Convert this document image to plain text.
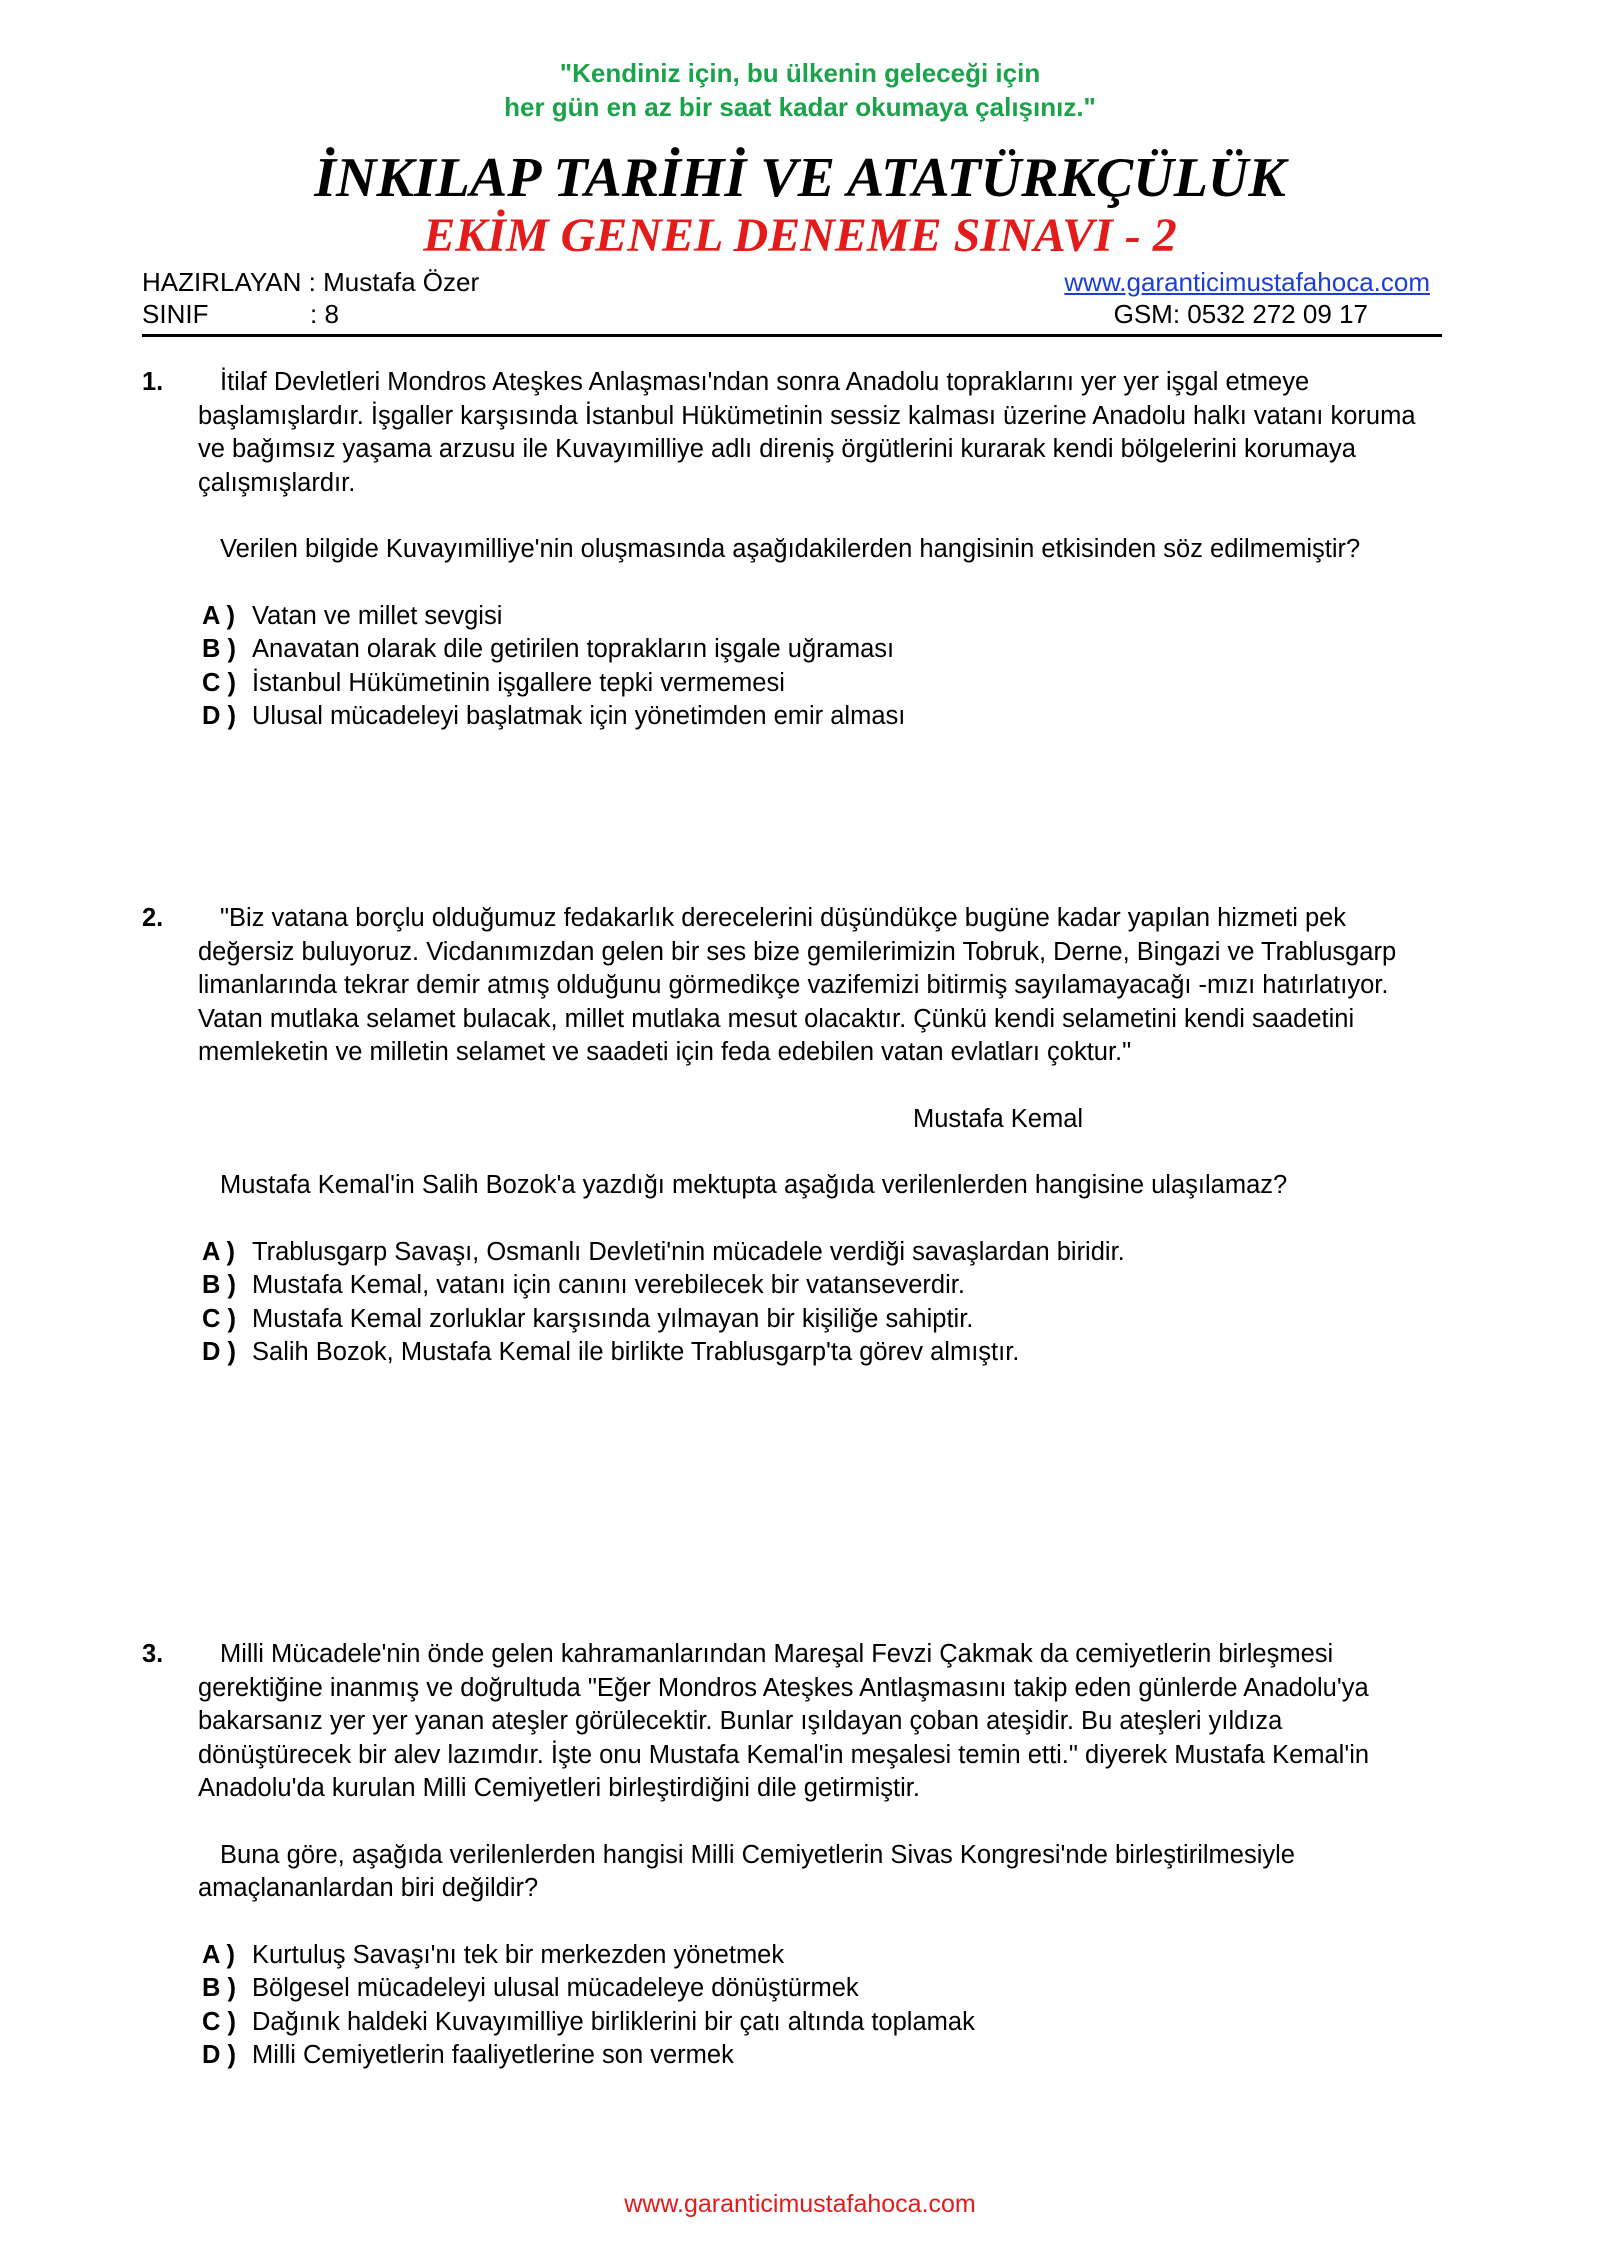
"Kendiniz için, bu ülkenin geleceği için
her gün en az bir saat kadar okumaya çalışınız."
İNKILAP TARİHİ VE ATATÜRKÇÜLÜK
EKİM GENEL DENEME SINAVI - 2
HAZIRLAYAN : Mustafa Özer	www.garanticimustafahoca.com
SINIF	: 8	GSM: 0532 272 09 17
1.	İtilaf Devletleri Mondros Ateşkes Anlaşması'ndan sonra Anadolu topraklarını yer yer işgal etmeye başlamışlardır. İşgaller karşısında İstanbul Hükümetinin sessiz kalması üzerine Anadolu halkı vatanı koruma ve bağımsız yaşama arzusu ile Kuvayımilliye adlı direniş örgütlerini kurarak kendi bölgelerini korumaya çalışmışlardır.

Verilen bilgide Kuvayımilliye'nin oluşmasında aşağıdakilerden hangisinin etkisinden söz edilmemiştir?
A ) Vatan ve millet sevgisi
B ) Anavatan olarak dile getirilen toprakların işgale uğraması
C ) İstanbul Hükümetinin işgallere tepki vermemesi
D ) Ulusal mücadeleyi başlatmak için yönetimden emir alması
2.	"Biz vatana borçlu olduğumuz fedakarlık derecelerini düşündükçe bugüne kadar yapılan hizmeti pek değersiz buluyoruz. Vicdanımızdan gelen bir ses bize gemilerimizin Tobruk, Derne, Bingazi ve Trablusgarp limanlarında tekrar demir atmış olduğunu görmedikçe vazifemizi bitirmiş sayılamayacağı -mızı hatırlatıyor. Vatan mutlaka selamet bulacak, millet mutlaka mesut olacaktır. Çünkü kendi selametini kendi saadetini memleketin ve milletin selamet ve saadeti için feda edebilen vatan evlatları çoktur."

Mustafa Kemal
Mustafa Kemal'in Salih Bozok'a yazdığı mektupta aşağıda verilenlerden hangisine ulaşılamaz?
A ) Trablusgarp Savaşı, Osmanlı Devleti'nin mücadele verdiği savaşlardan biridir.
B ) Mustafa Kemal, vatanı için canını verebilecek bir vatanseverdir.
C ) Mustafa Kemal zorluklar karşısında yılmayan bir kişiliğe sahiptir.
D ) Salih Bozok, Mustafa Kemal ile birlikte Trablusgarp'ta görev almıştır.
3.	Milli Mücadele'nin önde gelen kahramanlarından Mareşal Fevzi Çakmak da cemiyetlerin birleşmesi gerektiğine inanmış ve doğrultuda "Eğer Mondros Ateşkes Antlaşmasını takip eden günlerde Anadolu'ya bakarsanız yer yer yanan ateşler görülecektir. Bunlar ışıldayan çoban ateşidir. Bu ateşleri yıldıza dönüştürecek bir alev lazımdır. İşte onu Mustafa Kemal'in meşalesi temin etti." diyerek Mustafa Kemal'in Anadolu'da kurulan Milli Cemiyetleri birleştirdiğini dile getirmiştir.

Buna göre, aşağıda verilenlerden hangisi Milli Cemiyetlerin Sivas Kongresi'nde birleştirilmesiyle amaçlananlardan biri değildir?
A ) Kurtuluş Savaşı'nı tek bir merkezden yönetmek
B ) Bölgesel mücadeleyi ulusal mücadeleye dönüştürmek
C ) Dağınık haldeki Kuvayımilliye birliklerini bir çatı altında toplamak
D ) Milli Cemiyetlerin faaliyetlerine son vermek
www.garanticimustafahoca.com
